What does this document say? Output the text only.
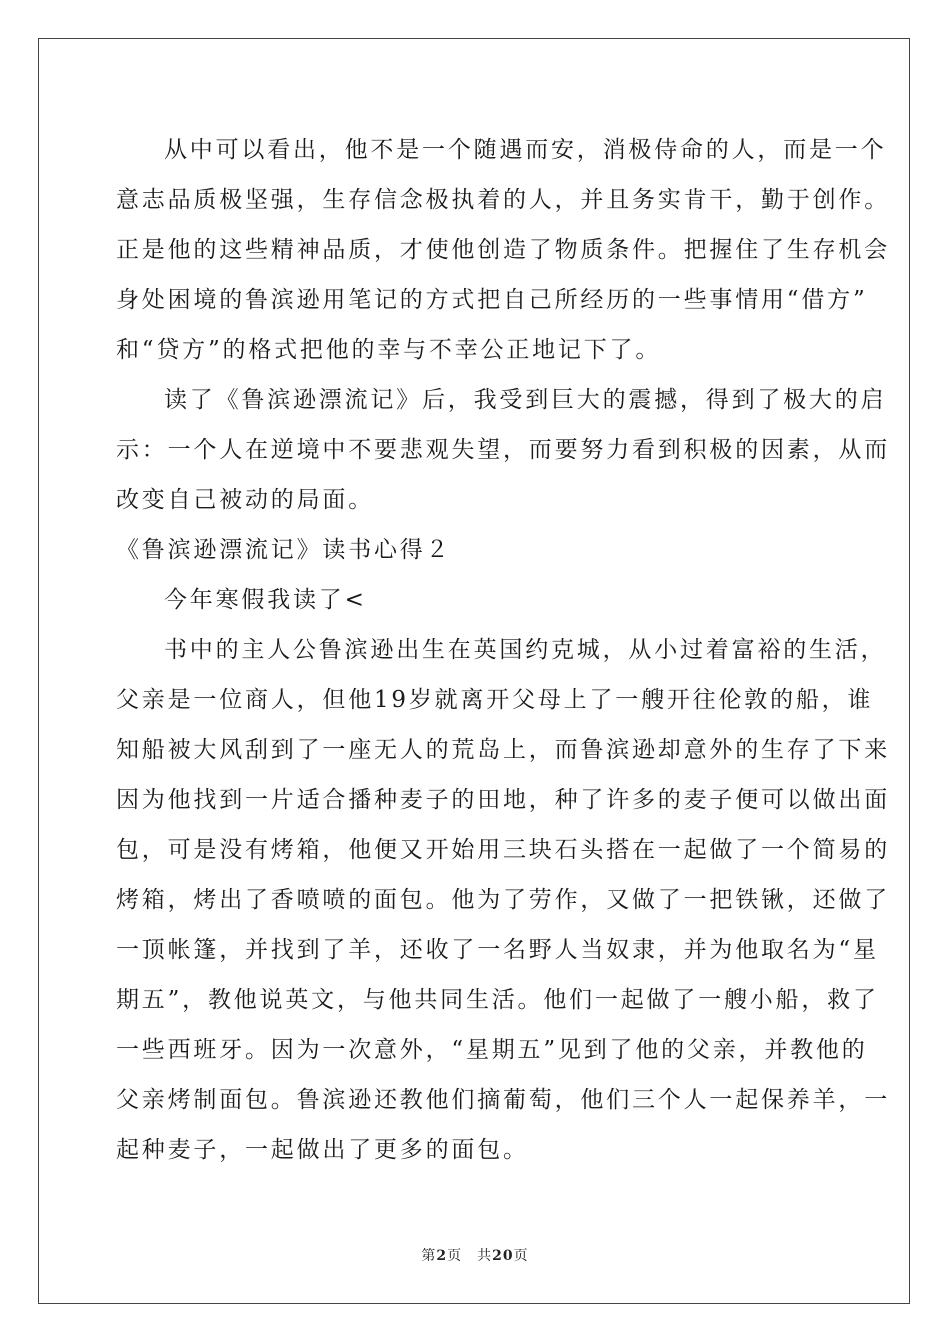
从中可以看出，他不是一个随遇而安，消极侍命的人，而是一个
意志品质极坚强，生存信念极执着的人，并且务实肯干，勤于创作。
正是他的这些精神品质，才使他创造了物质条件。把握住了生存机会
身处困境的鲁滨逊用笔记的方式把自己所经历的一些事情用“借方”
和“贷方”的格式把他的幸与不幸公正地记下了。
读了《鲁滨逊漂流记》后，我受到巨大的震撼，得到了极大的启
示：一个人在逆境中不要悲观失望，而要努力看到积极的因素，从而
改变自己被动的局面。
《鲁滨逊漂流记》读书心得２
今年寒假我读了<
书中的主人公鲁滨逊出生在英国约克城，从小过着富裕的生活，
父亲是一位商人，但他19岁就离开父母上了一艘开往伦敦的船，谁
知船被大风刮到了一座无人的荒岛上，而鲁滨逊却意外的生存了下来
因为他找到一片适合播种麦子的田地，种了许多的麦子便可以做出面
包，可是没有烤箱，他便又开始用三块石头搭在一起做了一个简易的
烤箱，烤出了香喷喷的面包。他为了劳作，又做了一把铁锹，还做了
一顶帐篷，并找到了羊，还收了一名野人当奴隶，并为他取名为“星
期五”，教他说英文，与他共同生活。他们一起做了一艘小船，救了
一些西班牙。因为一次意外，“星期五”见到了他的父亲，并教他的
父亲烤制面包。鲁滨逊还教他们摘葡萄，他们三个人一起保养羊，一
起种麦子，一起做出了更多的面包。
第2页　共20页
